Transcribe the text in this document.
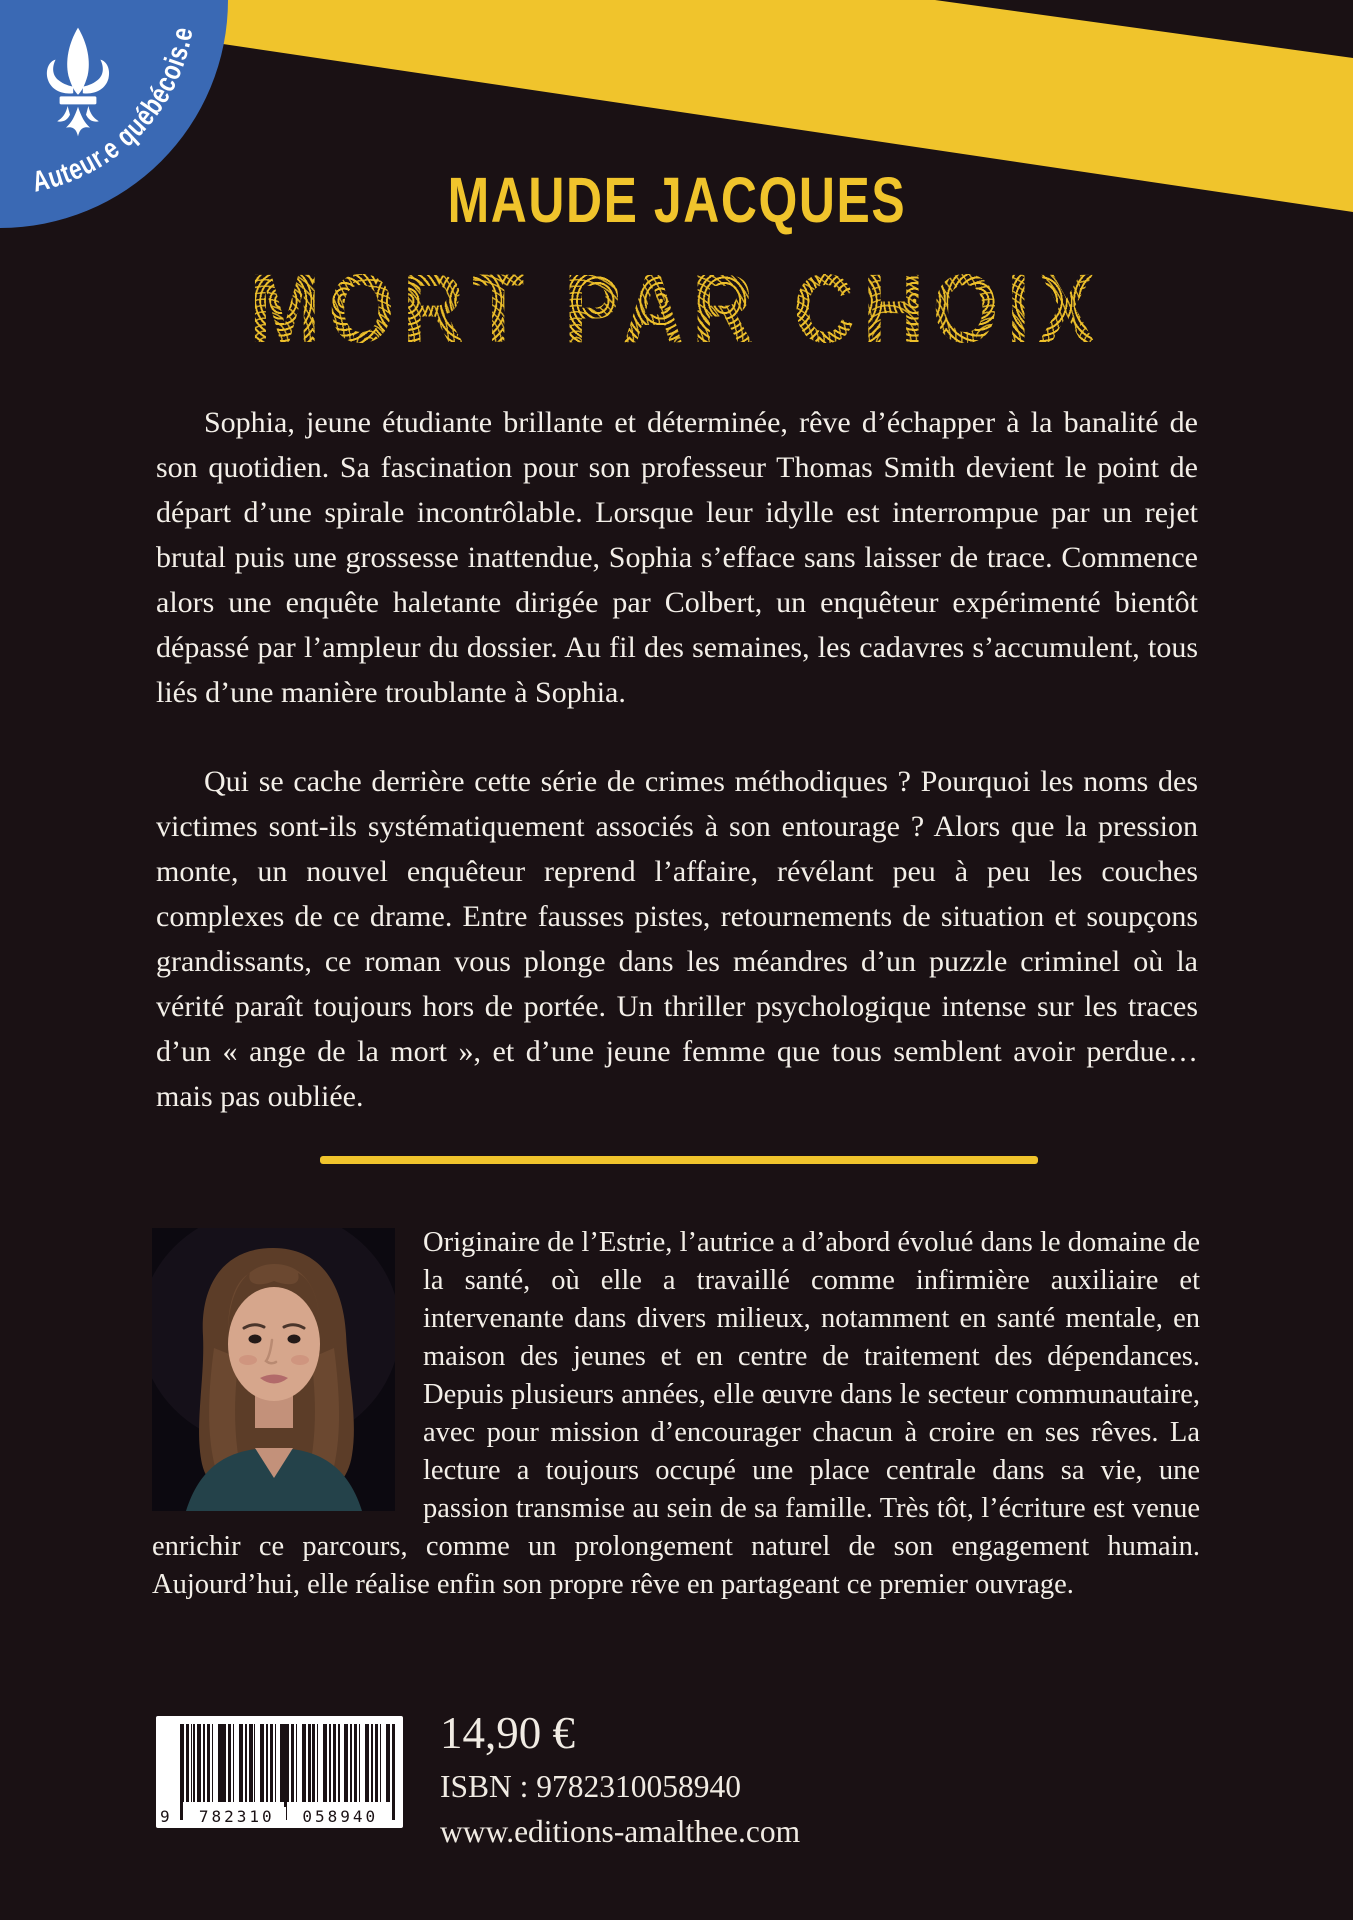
Auteur.e québécois.e
MAUDE JACQUES
MORT PAR CHOIX

Sophia, jeune étudiante brillante et déterminée, rêve d’échapper à la banalité de son quotidien. Sa fascination pour son professeur Thomas Smith devient le point de départ d’une spirale incontrôlable. Lorsque leur idylle est interrompue par un rejet brutal puis une grossesse inattendue, Sophia s’efface sans laisser de trace. Commence alors une enquête haletante dirigée par Colbert, un enquêteur expérimenté bientôt dépassé par l’ampleur du dossier. Au fil des semaines, les cadavres s’accumulent, tous liés d’une manière troublante à Sophia.

Qui se cache derrière cette série de crimes méthodiques ? Pourquoi les noms des victimes sont-ils systématiquement associés à son entourage ? Alors que la pression monte, un nouvel enquêteur reprend l’affaire, révélant peu à peu les couches complexes de ce drame. Entre fausses pistes, retournements de situation et soupçons grandissants, ce roman vous plonge dans les méandres d’un puzzle criminel où la vérité paraît toujours hors de portée. Un thriller psychologique intense sur les traces d’un « ange de la mort », et d’une jeune femme que tous semblent avoir perdue… mais pas oubliée.

Originaire de l’Estrie, l’autrice a d’abord évolué dans le domaine de la santé, où elle a travaillé comme infirmière auxiliaire et intervenante dans divers milieux, notamment en santé mentale, en maison des jeunes et en centre de traitement des dépendances. Depuis plusieurs années, elle œuvre dans le secteur communautaire, avec pour mission d’encourager chacun à croire en ses rêves. La lecture a toujours occupé une place centrale dans sa vie, une passion transmise au sein de sa famille. Très tôt, l’écriture est venue enrichir ce parcours, comme un prolongement naturel de son engagement humain. Aujourd’hui, elle réalise enfin son propre rêve en partageant ce premier ouvrage.

9	782310	058940

14,90 €

ISBN : 9782310058940

www.editions-amalthee.com
